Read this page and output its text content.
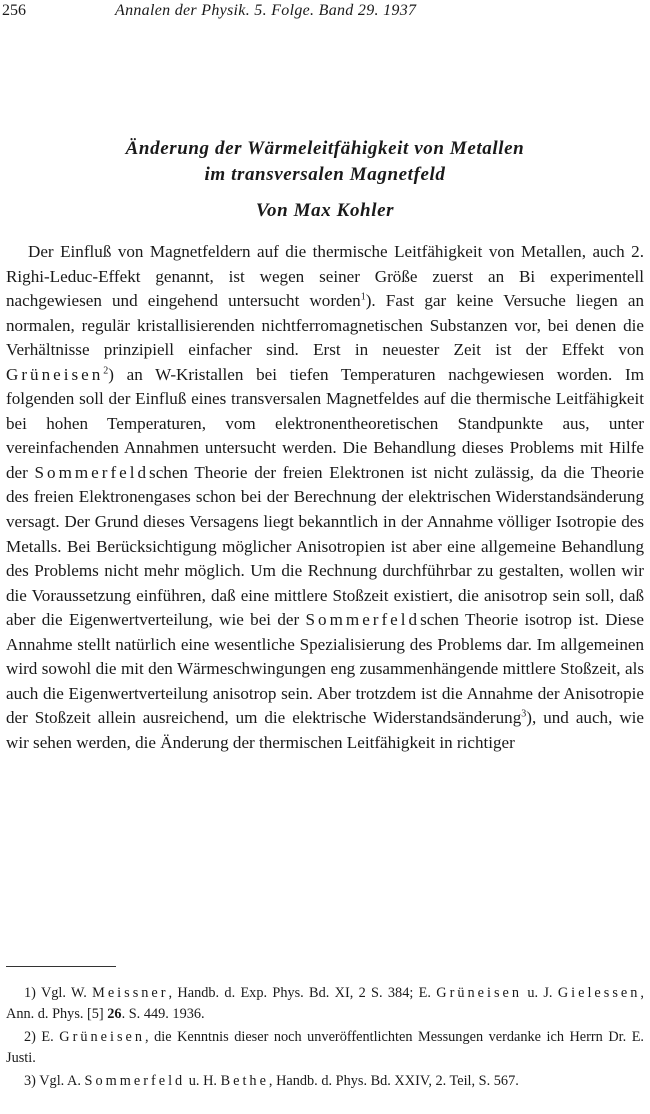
256	Annalen der Physik. 5. Folge. Band 29. 1937
Änderung der Wärmeleitfähigkeit von Metallen
im transversalen Magnetfeld
Von Max Kohler

Der Einfluß von Magnetfeldern auf die thermische Leitfähigkeit von Metallen, auch 2. Righi-Leduc-Effekt genannt, ist wegen seiner Größe zuerst an Bi experimentell nachgewiesen und eingehend untersucht worden$^1$). Fast gar keine Versuche liegen an normalen, regulär kristallisierenden nichtferromagnetischen Substanzen vor, bei denen die Verhältnisse prinzipiell einfacher sind. Erst in neuester Zeit ist der Effekt von Grüneisen$^2$) an W-Kristallen bei tiefen Temperaturen nachgewiesen worden. Im folgenden soll der Einfluß eines transversalen Magnetfeldes auf die thermische Leitfähigkeit bei hohen Temperaturen, vom elektronentheoretischen Standpunkte aus, unter vereinfachenden Annahmen untersucht werden. Die Behandlung dieses Problems mit Hilfe der Sommerfeldschen Theorie der freien Elektronen ist nicht zulässig, da die Theorie des freien Elektronengases schon bei der Berechnung der elektrischen Widerstandsänderung versagt. Der Grund dieses Versagens liegt bekanntlich in der Annahme völliger Isotropie des Metalls. Bei Berücksichtigung möglicher Anisotropien ist aber eine allgemeine Behandlung des Problems nicht mehr möglich. Um die Rechnung durchführbar zu gestalten, wollen wir die Voraussetzung einführen, daß eine mittlere Stoßzeit existiert, die anisotrop sein soll, daß aber die Eigenwertverteilung, wie bei der Sommerfeldschen Theorie isotrop ist. Diese Annahme stellt natürlich eine wesentliche Spezialisierung des Problems dar. Im allgemeinen wird sowohl die mit den Wärmeschwingungen eng zusammenhängende mittlere Stoßzeit, als auch die Eigenwertverteilung anisotrop sein. Aber trotzdem ist die Annahme der Anisotropie der Stoßzeit allein ausreichend, um die elektrische Widerstandsänderung$^3$), und auch, wie wir sehen werden, die Änderung der thermischen Leitfähigkeit in richtiger

1) Vgl. W. Meissner, Handb. d. Exp. Phys. Bd. XI, 2 S. 384; E. Grüneisen u. J. Gielessen, Ann. d. Phys. [5] 26. S. 449. 1936.

2) E. Grüneisen, die Kenntnis dieser noch unveröffentlichten Messungen verdanke ich Herrn Dr. E. Justi.

3) Vgl. A. Sommerfeld u. H. Bethe, Handb. d. Phys. Bd. XXIV, 2. Teil, S. 567.
